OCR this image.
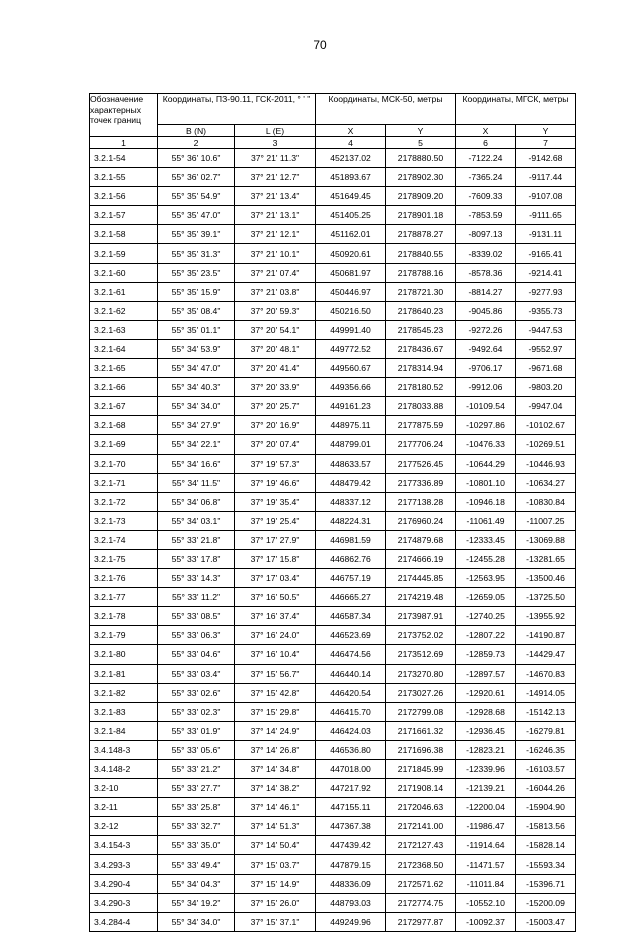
70
Обозначение характерных точек границ	Координаты, ПЗ-90.11, ГСК-2011, ° ' "		Координаты, МСК-50, метры		Координаты, МГСК, метры	
	B (N)	L (E)	X	Y	X	Y
1	2	3	4	5	6	7
3.2.1-54	55° 36' 10.6"	37° 21' 11.3"	452137.02	2178880.50	-7122.24	-9142.68
3.2.1-55	55° 36' 02.7"	37° 21' 12.7"	451893.67	2178902.30	-7365.24	-9117.44
3.2.1-56	55° 35' 54.9"	37° 21' 13.4"	451649.45	2178909.20	-7609.33	-9107.08
3.2.1-57	55° 35' 47.0"	37° 21' 13.1"	451405.25	2178901.18	-7853.59	-9111.65
3.2.1-58	55° 35' 39.1"	37° 21' 12.1"	451162.01	2178878.27	-8097.13	-9131.11
3.2.1-59	55° 35' 31.3"	37° 21' 10.1"	450920.61	2178840.55	-8339.02	-9165.41
3.2.1-60	55° 35' 23.5"	37° 21' 07.4"	450681.97	2178788.16	-8578.36	-9214.41
3.2.1-61	55° 35' 15.9"	37° 21' 03.8"	450446.97	2178721.30	-8814.27	-9277.93
3.2.1-62	55° 35' 08.4"	37° 20' 59.3"	450216.50	2178640.23	-9045.86	-9355.73
3.2.1-63	55° 35' 01.1"	37° 20' 54.1"	449991.40	2178545.23	-9272.26	-9447.53
3.2.1-64	55° 34' 53.9"	37° 20' 48.1"	449772.52	2178436.67	-9492.64	-9552.97
3.2.1-65	55° 34' 47.0"	37° 20' 41.4"	449560.67	2178314.94	-9706.17	-9671.68
3.2.1-66	55° 34' 40.3"	37° 20' 33.9"	449356.66	2178180.52	-9912.06	-9803.20
3.2.1-67	55° 34' 34.0"	37° 20' 25.7"	449161.23	2178033.88	-10109.54	-9947.04
3.2.1-68	55° 34' 27.9"	37° 20' 16.9"	448975.11	2177875.59	-10297.86	-10102.67
3.2.1-69	55° 34' 22.1"	37° 20' 07.4"	448799.01	2177706.24	-10476.33	-10269.51
3.2.1-70	55° 34' 16.6"	37° 19' 57.3"	448633.57	2177526.45	-10644.29	-10446.93
3.2.1-71	55° 34' 11.5"	37° 19' 46.6"	448479.42	2177336.89	-10801.10	-10634.27
3.2.1-72	55° 34' 06.8"	37° 19' 35.4"	448337.12	2177138.28	-10946.18	-10830.84
3.2.1-73	55° 34' 03.1"	37° 19' 25.4"	448224.31	2176960.24	-11061.49	-11007.25
3.2.1-74	55° 33' 21.8"	37° 17' 27.9"	446981.59	2174879.68	-12333.45	-13069.88
3.2.1-75	55° 33' 17.8"	37° 17' 15.8"	446862.76	2174666.19	-12455.28	-13281.65
3.2.1-76	55° 33' 14.3"	37° 17' 03.4"	446757.19	2174445.85	-12563.95	-13500.46
3.2.1-77	55° 33' 11.2"	37° 16' 50.5"	446665.27	2174219.48	-12659.05	-13725.50
3.2.1-78	55° 33' 08.5"	37° 16' 37.4"	446587.34	2173987.91	-12740.25	-13955.92
3.2.1-79	55° 33' 06.3"	37° 16' 24.0"	446523.69	2173752.02	-12807.22	-14190.87
3.2.1-80	55° 33' 04.6"	37° 16' 10.4"	446474.56	2173512.69	-12859.73	-14429.47
3.2.1-81	55° 33' 03.4"	37° 15' 56.7"	446440.14	2173270.80	-12897.57	-14670.83
3.2.1-82	55° 33' 02.6"	37° 15' 42.8"	446420.54	2173027.26	-12920.61	-14914.05
3.2.1-83	55° 33' 02.3"	37° 15' 29.8"	446415.70	2172799.08	-12928.68	-15142.13
3.2.1-84	55° 33' 01.9"	37° 14' 24.9"	446424.03	2171661.32	-12936.45	-16279.81
3.4.148-3	55° 33' 05.6"	37° 14' 26.8"	446536.80	2171696.38	-12823.21	-16246.35
3.4.148-2	55° 33' 21.2"	37° 14' 34.8"	447018.00	2171845.99	-12339.96	-16103.57
3.2-10	55° 33' 27.7"	37° 14' 38.2"	447217.92	2171908.14	-12139.21	-16044.26
3.2-11	55° 33' 25.8"	37° 14' 46.1"	447155.11	2172046.63	-12200.04	-15904.90
3.2-12	55° 33' 32.7"	37° 14' 51.3"	447367.38	2172141.00	-11986.47	-15813.56
3.4.154-3	55° 33' 35.0"	37° 14' 50.4"	447439.42	2172127.43	-11914.64	-15828.14
3.4.293-3	55° 33' 49.4"	37° 15' 03.7"	447879.15	2172368.50	-11471.57	-15593.34
3.4.290-4	55° 34' 04.3"	37° 15' 14.9"	448336.09	2172571.62	-11011.84	-15396.71
3.4.290-3	55° 34' 19.2"	37° 15' 26.0"	448793.03	2172774.75	-10552.10	-15200.09
3.4.284-4	55° 34' 34.0"	37° 15' 37.1"	449249.96	2172977.87	-10092.37	-15003.47
